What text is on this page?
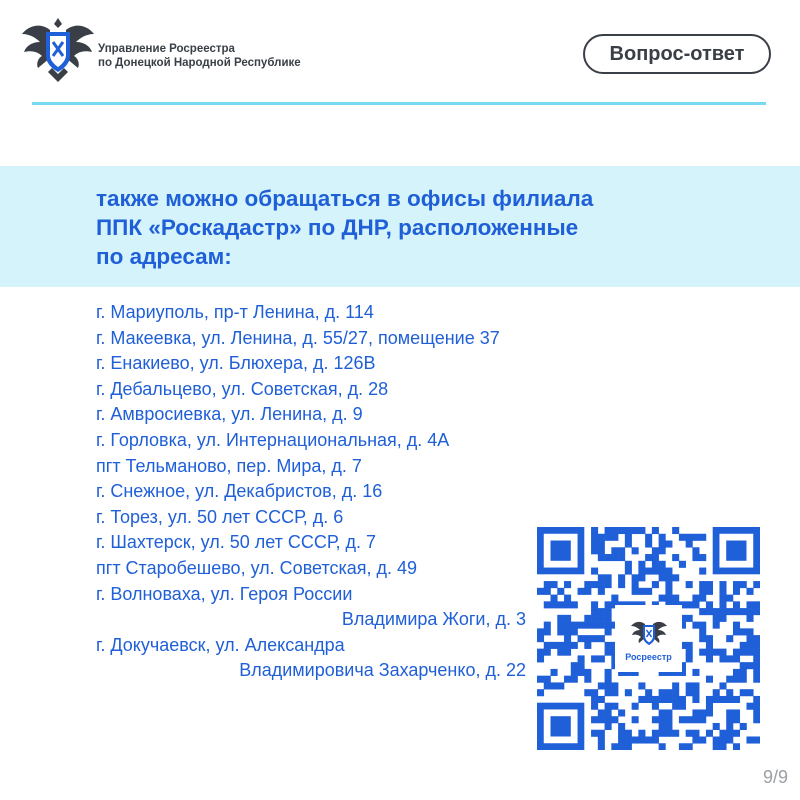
Управление Росреестра
по Донецкой Народной Республике	Вопрос-ответ
также можно обращаться в офисы филиала
ППК «Роскадастр» по ДНР, расположенные
по адресам:
г. Мариуполь, пр-т Ленина, д. 114
г. Макеевка, ул. Ленина, д. 55/27, помещение 37
г. Енакиево, ул. Блюхера, д. 126В
г. Дебальцево, ул. Советская, д. 28
г. Амвросиевка, ул. Ленина, д. 9
г. Горловка, ул. Интернациональная, д. 4А
пгт Тельманово, пер. Мира, д. 7
г. Снежное, ул. Декабристов, д. 16
г. Торез, ул. 50 лет СССР, д. 6
г. Шахтерск, ул. 50 лет СССР, д. 7
пгт Старобешево, ул. Советская, д. 49
г. Волноваха, ул. Героя России
Владимира Жоги, д. 3
г. Докучаевск, ул. Александра
Владимировича Захарченко, д. 22
Росреестр
9/9
